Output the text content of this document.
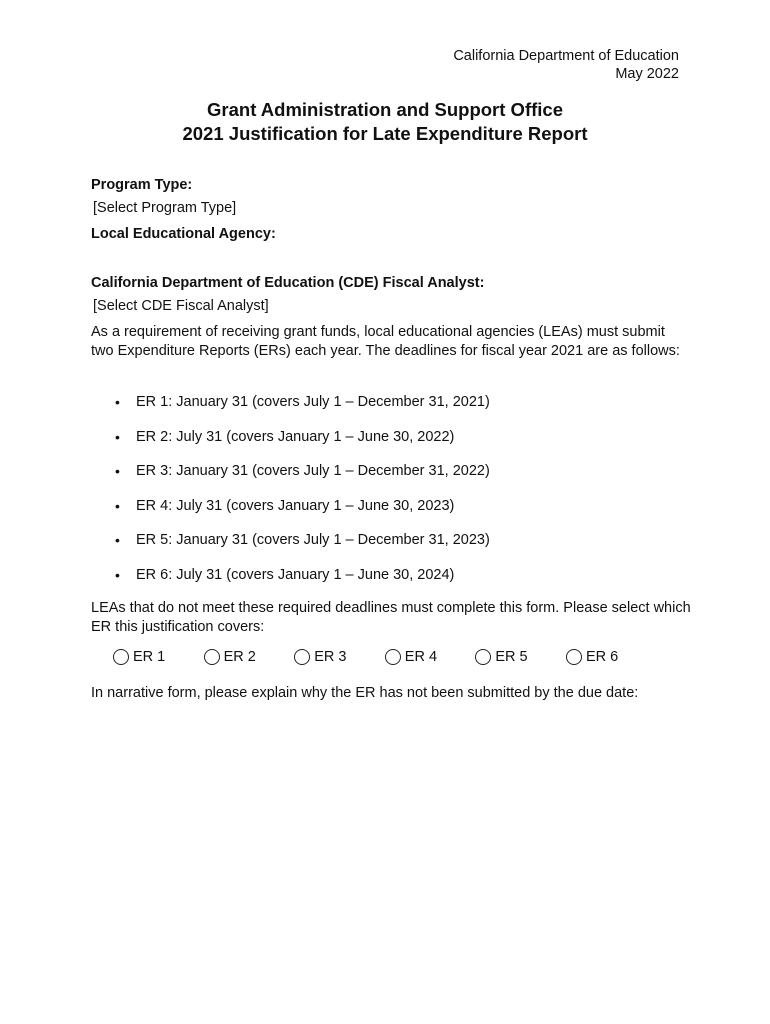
California Department of Education
May 2022
Grant Administration and Support Office
2021 Justification for Late Expenditure Report
Program Type:
[Select Program Type]
Local Educational Agency:
California Department of Education (CDE) Fiscal Analyst:
[Select CDE Fiscal Analyst]
As a requirement of receiving grant funds, local educational agencies (LEAs) must submit two Expenditure Reports (ERs) each year. The deadlines for fiscal year 2021 are as follows:
• ER 1: January 31 (covers July 1 – December 31, 2021)
• ER 2: July 31 (covers January 1 – June 30, 2022)
• ER 3: January 31 (covers July 1 – December 31, 2022)
• ER 4: July 31 (covers January 1 – June 30, 2023)
• ER 5: January 31 (covers July 1 – December 31, 2023)
• ER 6: July 31 (covers January 1 – June 30, 2024)
LEAs that do not meet these required deadlines must complete this form. Please select which ER this justification covers:
ER 1	ER 2	ER 3	ER 4	ER 5	ER 6
In narrative form, please explain why the ER has not been submitted by the due date:
